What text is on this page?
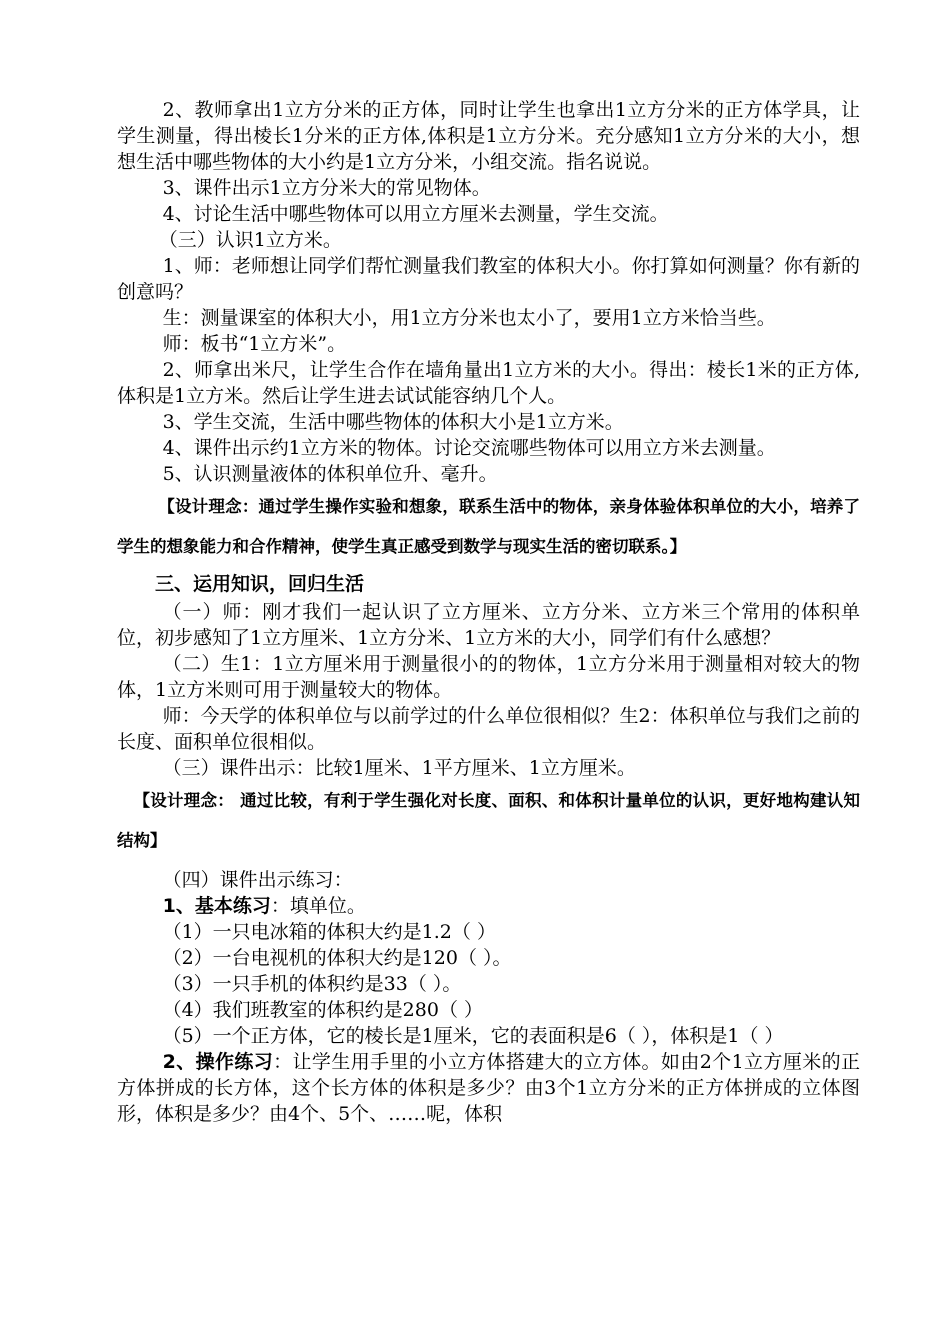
2、教师拿出1立方分米的正方体，同时让学生也拿出1立方分米的正方体学具，让学生测量，得出棱长1分米的正方体,体积是1立方分米。充分感知1立方分米的大小，想想生活中哪些物体的大小约是1立方分米，小组交流。指名说说。

3、课件出示1立方分米大的常见物体。

4、讨论生活中哪些物体可以用立方厘米去测量，学生交流。

（三）认识1立方米。

1、师：老师想让同学们帮忙测量我们教室的体积大小。你打算如何测量？你有新的创意吗？

生：测量课室的体积大小，用1立方分米也太小了，要用1立方米恰当些。

师：板书“1立方米”。

2、师拿出米尺，让学生合作在墙角量出1立方米的大小。得出：棱长1米的正方体,体积是1立方米。然后让学生进去试试能容纳几个人。

3、学生交流，生活中哪些物体的体积大小是1立方米。

4、课件出示约1立方米的物体。讨论交流哪些物体可以用立方米去测量。

5、认识测量液体的体积单位升、毫升。

【设计理念：通过学生操作实验和想象，联系生活中的物体，亲身体验体积单位的大小，培养了学生的想象能力和合作精神，使学生真正感受到数学与现实生活的密切联系。】

三、运用知识，回归生活

（一）师：刚才我们一起认识了立方厘米、立方分米、立方米三个常用的体积单位，初步感知了1立方厘米、1立方分米、1立方米的大小，同学们有什么感想？

（二）生1：1立方厘米用于测量很小的的物体，1立方分米用于测量相对较大的物体，1立方米则可用于测量较大的物体。

师：今天学的体积单位与以前学过的什么单位很相似？生2：体积单位与我们之前的长度、面积单位很相似。

（三）课件出示：比较1厘米、1平方厘米、1立方厘米。

【设计理念： 通过比较，有利于学生强化对长度、面积、和体积计量单位的认识，更好地构建认知结构】

（四）课件出示练习：

1、基本练习：填单位。

（1）一只电冰箱的体积大约是1.2（ ）

（2）一台电视机的体积大约是120（ ）。

（3）一只手机的体积约是33（ ）。

（4）我们班教室的体积约是280（ ）

（5）一个正方体，它的棱长是1厘米，它的表面积是6（ ），体积是1（ ）

2、操作练习：让学生用手里的小立方体搭建大的立方体。如由2个1立方厘米的正方体拼成的长方体，这个长方体的体积是多少？由3个1立方分米的正方体拼成的立体图形，体积是多少？由4个、5个、……呢，体积
